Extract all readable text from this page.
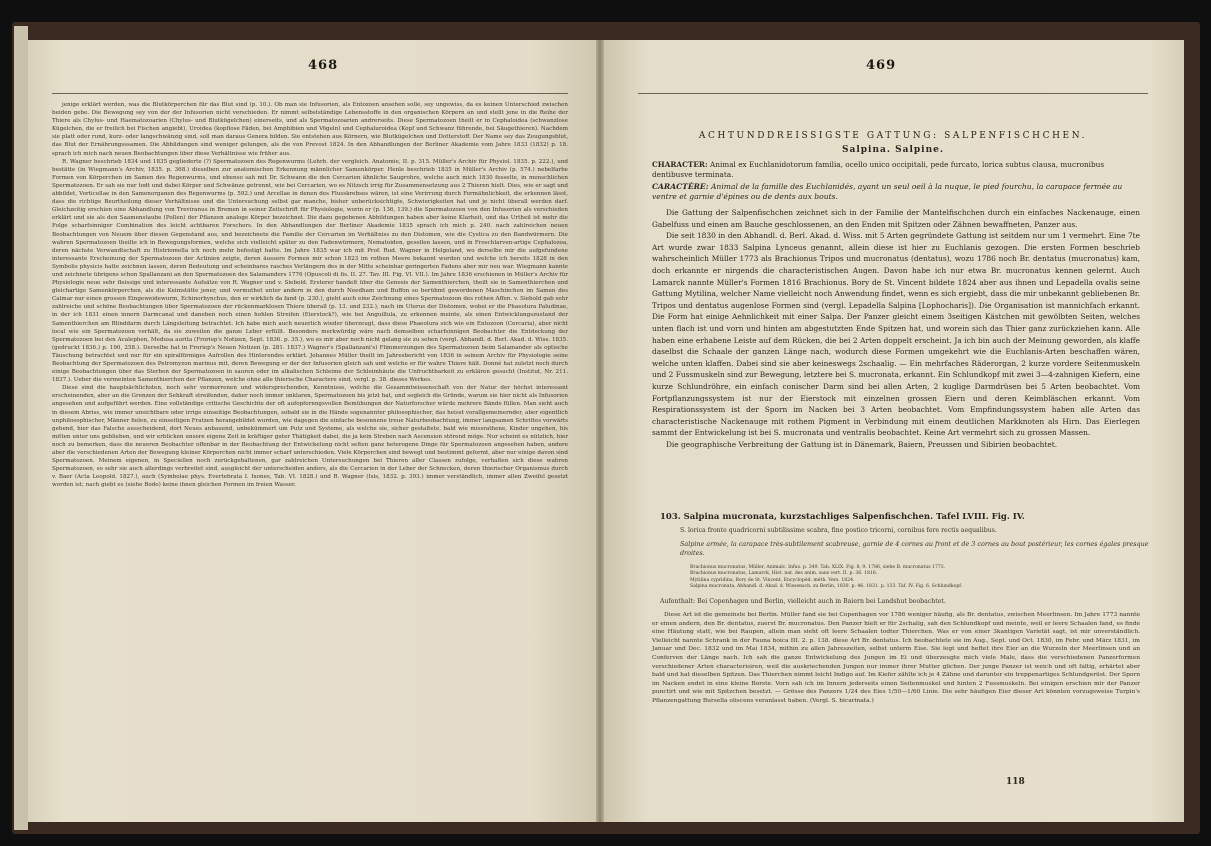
468

jenige erklärt werden, was die Blutkörperchen für das Blut sind (p. 10.). Ob man sie Infusorien, als Entozoen ansehen solle, sey ungewiss, da es keinen Unterschied zwischen beiden gebe. Die Bewegung sey von der der Infusorien nicht verschieden. Er nimmt selbstständige Lebensstoffe in den organischen Körpern an und stellt jene in die Reihe der Thiere als Chylus- und Haematozoarien (Chylus- und Blutkügelchen) einerseits, und als Spermatozoarien andrerseits. Diese Spermatozoen theilt er in Cephaloidea (schwanzlose Kügelchen, die er freilich bei Fischen angiebt), Uroidea (kopflose Fäden, bei Amphibien und Vögeln) und Cephaluroidea (Kopf und Schwanz führende, bei Säugethieren). Nachdem sie platt oder rund, kurz- oder langschwänzig sind, soll man daraus Genera bilden. Sie entstehen aus Körnern, wie Blutkügelchen und Dotterstoff. Der Name sey das Zeugungsblut, das Blut der Ernährungsssamen. Die Abbildungen sind weniger gelungen, als die von Prevost 1824. In den Abhandlungen der Berliner Akademie vom Jahre 1833 (1832) p. 18. sprach ich mich nach neuen Beobachtungen über diese Verhältnisse wie früher aus.

R. Wagner beschrieb 1834 und 1835 gegliederte (?) Spermatozoen des Regenwurms (Lehrb. der vergleich. Anatomie, II. p. 315. Müller's Archiv für Physiol. 1835. p. 222.), und bestätte (in Wiegmann's Archiv, 1835. p. 368.) dieselben zur anatomischen Erkennung männlicher Samenkörper. Henle beschrieb 1835 in Müller's Archiv (p. 574.) nebelfarbe Formen von Körperchen im Samen des Regenwurms, und ebenso sah mit Dr. Schwann die den Cercarien ähnliche Saugrohre, welche auch mich 1830 fesselte, in menschlichen Spermatozoen. Er sah sie nur todt und dabei Körper und Schwänze getrennt, wie bei Cercarien, wo es Nitzsch irrig für Zusammensetzung aus 2 Thieren hielt. Dies, wie er sagt und abbildet, Vorticellae in den Samenorganen des Regenwurms (p. 592.) und Arcellae in denen des Flusskrebses wären, ist eine Verirrung durch Formähnlichkeit, die erkennen lässt, dass die richtige Beurtheilung dieser Verhältnisse und die Untersuchung selbst gar manche, bisher unberücksichtigte, Schwierigkeiten hat und je nicht überall werden darf. Gleichzeitig erschien eine Abhandlung von Treviranus in Bremen in seiner Zeitschrift für Physiologie, worin er (p. 136, 139.) die Spermatozoen von den Infusorien als verschieden erklärt und sie als den Saamenstaube (Pollen) der Pflanzen analoge Körper bezeichnet. Die dazu gegebenen Abbildungen haben aber keine Klarheit, und das Urtheil ist mehr die Folge scharfsinniger Combination des leicht achtbaren Forschers. In den Abhandlungen der Berliner Akademie 1835 sprach ich mich p. 240. nach zahlreichen neuen Beobachtungen von Neuem über diesen Gegenstand aus, und bezeichnete die Familie der Cercarien im Verhältniss zu den Distomen, wie die Cystica zu den Bandwürmern. Die wahren Spermatozoen theilte ich in Bewegungsformen, welche sich vielleicht später zu den Fadenwürmern, Nematoiden, gesellen lassen, und in Froschlarven-artige Cephalozoa, deren nächste Verwandtschaft zu Histriomella ich noch mehr befestigt hatte. Im Jahre 1835 war ich mit Prof. Rud. Wagner in Helgoland, wo derselbe mir die aufgefundene interessante Erscheinung der Spermatozoen der Actinien zeigte, deren äussere Formen mir schon 1823 im rothen Meere bekannt wurden und welche ich bereits 1828 in den Symbolis physicis hatte zeichnen lassen, deren Bedeutung und scheinbares rasches Verlängern des in der Mitte scheinbar geringerten Fadens aber mir neu war. Wiegmann kannte und zeichnete übrigens schon Spallanzani an den Spermatozoen des Salamanders 1776 (Opuscoli di fis. II. 27. Tav. III. Fig. VI. VII.). Im Jahre 1836 erschienen in Müller's Archiv für Physiologie neue sehr fleissige und interessante Aufsätze von R. Wagner und v. Siebold. Ersterer handelt über die Genesis der Samenthierchen, theilt sie in Samenthierchen und gleichartige Samenkörperchen, als die Keimstätte jener, und vermuthet unter andern in den durch Needham und Buffon so berühmt gewordenen Maschinchen im Samen des Calmar nur einen grossen Eingeweidewurm, Echinorhynchus, den er wirklich da fand (p. 230.), giebt auch eine Zeichnung eines Spermatozoon des rothen Affen. v. Siebold gab sehr zahlreiche und schöne Beobachtungen über Spermatozoen der rückenmarklosen Thiere überall (p. 13. und 232.), nach im Uterus der Distomen, wobei er die Phaeolura Paludinae, in der ich 1831 einen innern Darmcanal und daneben noch einen hohlen Streifen (Eierstock?), wie bei Anguillula, zu erkennen meinte, als einen Entwicklungszustand der Samenthierchen am Blinddarm durch Längsleitung betrachtet. Ich habe mich auch neuerlich wieder überzeugt, dass diese Phaeolura sich wie ein Entozoon (Cercaria), aber nicht local wie ein Spermatozoon verhält, da sie zuweilen die ganze Leber erfüllt. Besonders merkwürdig wäre nach demselben scharfsinnigen Beobachter die Entdeckung der Spermatozoen bei den Acalephen, Medusa aurita (Froriep's Notizen, Sept. 1836. p. 35.), wo es mir aber noch nicht gelang sie zu sehen (vergl. Abhandl. d. Berl. Akad. d. Wiss. 1835. (gedruckt 1836.) p. 190, 258.). Derselbe hat in Froriep's Neuen Notizen (p. 281. 1837.) Wagner's (Spallanzani's) Flimmerzungen des Spermatozoen beim Salamander als optische Täuschung betrachtet und nur für ein spiralförmiges Aufrollen des Hinterendes erklärt. Johannes Müller theilt im Jahresbericht von 1836 in seinem Archiv für Physiologie seine Beobachtung der Spermatozoen des Petromyzon marinus mit, deren Bewegung er der der Infusorien gleich sah und welche er für wahre Thiere hält. Donné hat zuletzt noch durch einige Beobachtungen über das Sterben der Spermatozoen in sauren oder im alkalischen Schleime der Schleimhäute die Unfruchtbarkeit zu erklären gesucht (Institut, Nr. 211. 1837.). Ueber die vermeinten Samenthierchen der Pflanzen, welche ohne alle thierische Charactere sind, vergl. p. 38. dieses Werkes.

Diese sind die hauptsächlichsten, noch sehr vermorrenen und widersprechenden, Kenntnisse, welche die Gesammtwissenschaft von der Natur der höchst interessant erscheinenden, aber an die Grenzen der Sehkraft streifenden, daher noch immer unklaren, Spermatozoen bis jetzt hat, und sogleich die Gründe, warum sie hier nicht als Infusorien angesehen und aufgeführt werden. Eine vollständige critische Geschichte der oft aufopfernngsvollen Bemühungen der Naturforscher würde mehrere Bände füllen. Man sieht auch in diesem Abriss, wie immer unsichtbare oder irrige einseitige Beobachtungen, sobald sie in die Hände sogenannter philosophischer, das heisst vorallgemeinernder, aber eigentlich unphilosophischer, Männer fielen, zu einseitigen Fratzen herangebildet wurden, wie dagegen die einfache besonnene treue Naturbeobachtung, immer langsamen Schrittes vorwärts gehend, hier das Falsche ausscheidend, dort Neues anbauend, unbekümmert um Putz und Systeme, als welche sie, sicher gestaltete, bald wie missrathene, Kinder ungehen, bis mitten unter uns geblieben, und wir erblicken unsere eigene Zeit in kräftiger guter Thätigkeit dabei, die ja kein Streben nach Ascension störend möge. Nur scheint es nützlich, hier noch zu bemerken, dass die neueren Beobachter offenbar in der Beobachtung der Entwickelung nicht selten ganz heterogene Dinge für Spermatozoen angesehen haben, andere aber die verschiedenen Arten der Bewegung kleiner Körperchen nicht immer scharf unterschieden. Viele Körperchen sind bewegt und bestimmt geformt, aber nur einige davon sind Spermatozoen. Meinem eigenen, in Speciellen noch zurückgehaltenen, gar zahlreichen Untersuchungen bei Thieren aller Classen zufolge, verhalten sich diese wahren Spermatozoen, so sehr sie auch allerdings verbreitet sind, ausgleicht der unterscheiden anders, als die Cercarien in der Leber der Schnecken, deren thierischer Organismus durch v. Baer (Acta Leopold. 1827.), auch (Symbolae phys. Evertebrata I. Ixones, Tab. VI. 1828.) und R. Wagner (Isis, 1832. p. 393.) immer verständlich, immer allen Zweifel gesetzt worden ist; nach giebt es (siehe Bodo) keine ihnen gleichen Formen im freien Wasser.

469
ACHTUNDDREISSIGSTE GATTUNG: SALPENFISCHCHEN.
Salpina. Salpine.
CHARACTER: Animal ex Euchlanidotorum familia, ocello unico occipitali, pede furcato, lorica subtus clausa, mucronibus dentibusve terminata.
CARACTÈRE: Animal de la famille des Euchlanidés, ayant un seul oeil à la nuque, le pied fourchu, la carapace fermée au ventre et garnie d'épines ou de dents aux bouts.

Die Gattung der Salpenfischchen zeichnet sich in der Familie der Mantelfischchen durch ein einfaches Nackenauge, einen Gabelfuss und einen am Bauche geschlossenen, an den Enden mit Spitzen oder Zähnen bewaffneten, Panzer aus.

Die seit 1830 in den Abhandl. d. Berl. Akad. d. Wiss. mit 5 Arten gegründete Gattung ist seitdem nur um 1 vermehrt. Eine 7te Art wurde zwar 1833 Salpina Lynceus genannt, allein diese ist hier zu Euchlanis gezogen. Die ersten Formen beschrieb wahrscheinlich Müller 1773 als Brachionus Tripos und mucronatus (dentatus), wozu 1786 noch Br. dentatus (mucronatus) kam, doch erkannte er nirgends die characteristischen Augen. Davon habe ich nur etwa Br. mucronatus kennen gelernt. Auch Lamarck nannte Müller's Formen 1816 Brachionus. Bory de St. Vincent bildete 1824 aber aus ihnen und Lepadella ovalis seine Gattung Mytilina, welcher Name vielleicht noch Anwendung findet, wenn es sich ergiebt, dass die mir unbekannt gebliebenen Br. Tripos und dentatus augenlose Formen sind (vergl. Lepadella Salpina [Lophocharis]). Die Organisation ist mannichfach erkannt. Die Form hat einige Aehnlichkeit mit einer Salpa. Der Panzer gleicht einem 3seitigen Kästchen mit gewölbten Seiten, welches unten flach ist und vorn und hinten am abgestutzten Ende Spitzen hat, und worein sich das Thier ganz zurückziehen kann. Alle haben eine erhabene Leiste auf dem Rücken, die bei 2 Arten doppelt erscheint. Ja ich bin auch der Meinung geworden, als klaffe daselbst die Schaale der ganzen Länge nach, wodurch diese Formen umgekehrt wie die Euchlanis-Arten beschaffen wären, welche unten klaffen. Dabei sind sie aber keineswegs 2schaalig. — Ein mehrfaches Räderorgan, 2 kurze vordere Seitenmuskeln und 2 Fussmuskeln sind zur Bewegung, letztere bei S. mucronata, erkannt. Ein Schlundkopf mit zwei 3—4-zahnigen Kiefern, eine kurze Schlundröhre, ein einfach conischer Darm sind bei allen Arten, 2 kuglige Darmdrüsen bei 5 Arten beobachtet. Vom Fortpflanzungssystem ist nur der Eierstock mit einzelnen grossen Eiern und deren Keimbläschen erkannt. Vom Respirationssystem ist der Sporn im Nacken bei 3 Arten beobachtet. Vom Empfindungssystem haben alle Arten das characteristische Nackenauge mit rothem Pigment in Verbindung mit einem deutlichen Markknoten als Hirn. Das Eierlegen sammt der Entwickelung ist bei S. mucronata und ventralis beobachtet. Keine Art vermehrt sich zu grossen Massen.

Die geographische Verbreitung der Gattung ist in Dänemark, Baiern, Preussen und Sibirien beobachtet.

103. Salpina mucronata, kurzstachliges Salpenfischchen. Tafel LVIII. Fig. IV.
S. lorica fronte quadricorni subtilissime scabra, fine postico tricorni, cornibus fere rectis aequalibus.
Salpine armée, la carapace très-subtilement scabreuse, garnie de 4 cornes au front et de 3 cornes au bout postérieur, les cornes égales presque droites.
Brachionus mucronatus, Müller, Animalc. Infus. p. 349. Tab. XLIX. Fig. 8, 9. 1786, siehe B. mucronatus 1773.
Brachionus mucronatus, Lamarck, Hist. nat. des anim. sans vert. II. p. 36. 1816.
Mytilina cypridina, Bory de St. Vincent, Encyclopéd. méth. Vers. 1824.
Salpina mucronata, Abhandl. d. Akad. d. Wissensch. zu Berlin, 1830. p. 46. 1831. p. 133. Taf. IV. Fig. 6. Schlundkopf.
Aufenthalt: Bei Copenhagen und Berlin, vielleicht auch in Baiern bei Landshut beobachtet.

Diese Art ist die gemeinste bei Berlin. Müller fand sie bei Copenhagen vor 1786 weniger häufig, als Br. dentatus, zwischen Meerlinsen. Im Jahre 1773 nannte er einen andern, den Br. dentatus, zuerst Br. mucronatus. Den Panzer hielt er für 2schalig, sah den Schlundkopf und meinte, weil er leere Schaalen fand, es finde eine Häutung statt, wie bei Raupen, allein man sieht oft leere Schaalen todter Thierchen. Was er von einer 3kantigen Varietät sagt, ist mir unverständlich. Vielleicht nannte Schrank in der Fauna boica III. 2. p. 138. diese Art Br. dentatus. Ich beobachtete sie im Aug., Sept. und Oct. 1830, im Febr. und März 1831, im Januar und Dec. 1832 und im Mai 1834, mithin zu allen Jahreszeiten, selbst unterm Eise. Sie legt und heftet ihre Eier an die Wurzeln der Meerlinsen und an Conferven der Länge nach. Ich sah die ganze Entwickelung des Jungen im Ei und überzeugte mich viele Male, dass die verschiedenen Panzerformen verschiedener Arten characterisiren, weil die auskriechenden Jungen nur immer ihrer Mutter glichen. Der junge Panzer ist weich und oft faltig, erhärtet aber bald und hat dieselben Spitzen. Das Thierchen nimmt leicht Indigo auf. Im Kiefer zählte ich je 4 Zähne und darunter ein treppenartiges Schlundgerüst. Der Sporn im Nacken endet in eine kleine Borste. Vorn sah ich im Innern jederseits einen Seitenmuskel und hinten 2 Fussmuskeln. Bei einigen erschien mir der Panzer punctirt und wie mit Spitzchen besetzt. — Grösse des Panzers 1/24 des Eies 1/50—1/60 Linie. Die sehr häufigen Eier dieser Art könnten vorzugsweise Turpin's Pflanzengattung Bursella oliscens veranlasst haben. (Vergl. S. bicarinata.)

118
